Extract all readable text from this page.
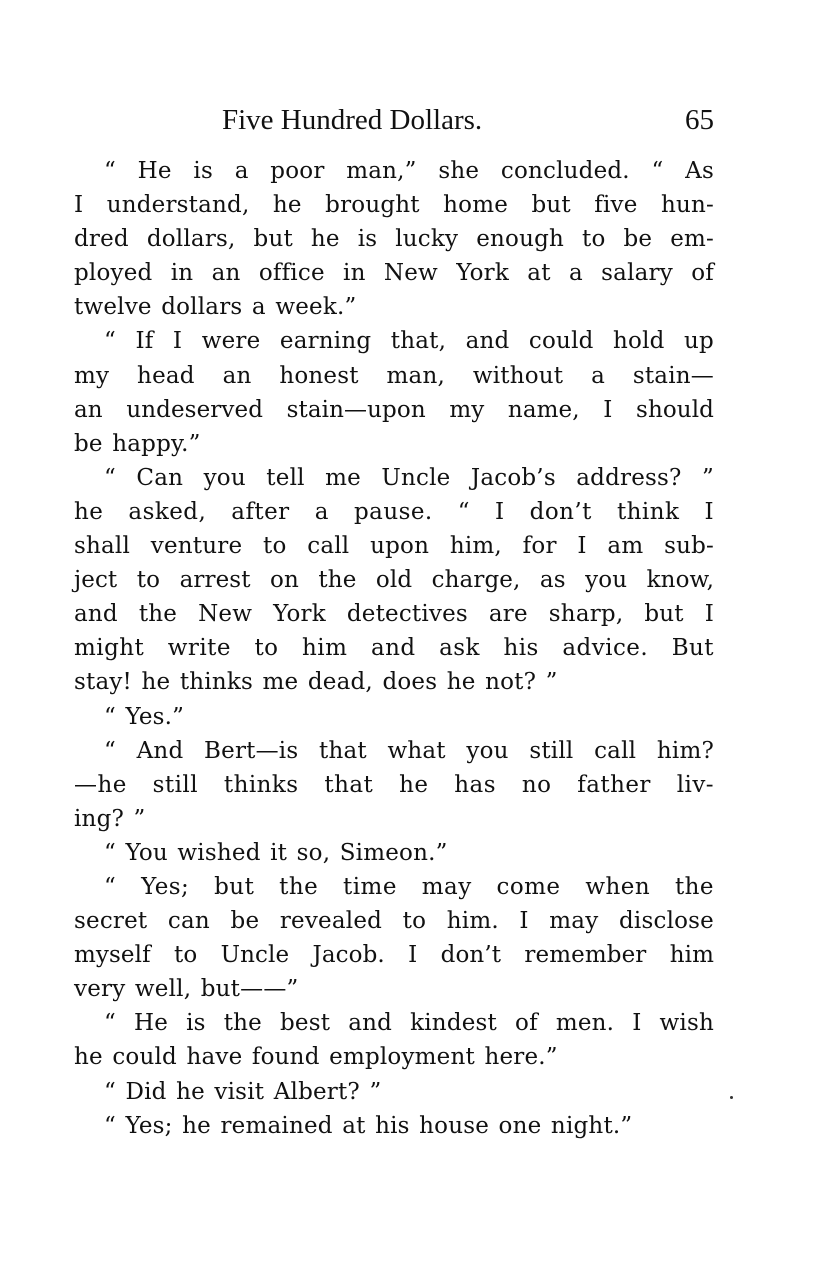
Five Hundred Dollars.	65
“ He is a poor man,” she concluded. “ As
I understand, he brought home but five hun-
dred dollars, but he is lucky enough to be em-
ployed in an office in New York at a salary of
twelve dollars a week.”
“ If I were earning that, and could hold up
my head an honest man, without a stain—
an undeserved stain—upon my name, I should
be happy.”
“ Can you tell me Uncle Jacob’s address? ”
he asked, after a pause. “ I don’t think I
shall venture to call upon him, for I am sub-
ject to arrest on the old charge, as you know,
and the New York detectives are sharp, but I
might write to him and ask his advice. But
stay! he thinks me dead, does he not? ”
“ Yes.”
“ And Bert—is that what you still call him?
—he still thinks that he has no father liv-
ing? ”
“ You wished it so, Simeon.”
“ Yes; but the time may come when the
secret can be revealed to him. I may disclose
myself to Uncle Jacob. I don’t remember him
very well, but——”
“ He is the best and kindest of men. I wish
he could have found employment here.”
“ Did he visit Albert? ”
“ Yes; he remained at his house one night.”
